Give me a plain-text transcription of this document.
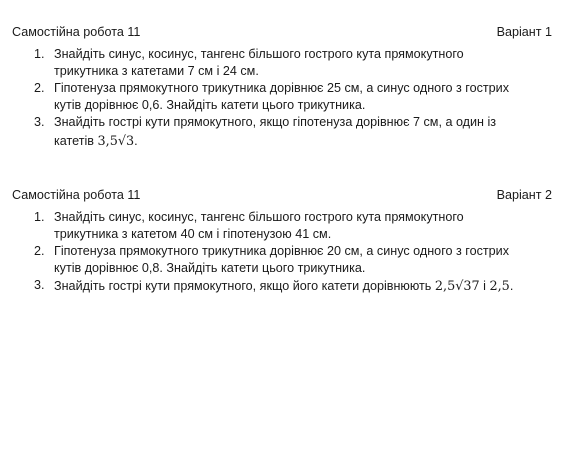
Самостійна робота 11	Варіант 1
1. Знайдіть синус, косинус, тангенс більшого гострого кута прямокутного
трикутника з катетами 7 см і 24 см.
2. Гіпотенуза прямокутного трикутника дорівнює 25 см, а синус одного з гострих
кутів дорівнює 0,6. Знайдіть катети цього трикутника.
3. Знайдіть гострі кути прямокутного, якщо гіпотенуза дорівнює 7 см, а один із
катетів 3,5√3.
Самостійна робота 11	Варіант 2
1. Знайдіть синус, косинус, тангенс більшого гострого кута прямокутного
трикутника з катетом 40 см і гіпотенузою 41 см.
2. Гіпотенуза прямокутного трикутника дорівнює 20 см, а синус одного з гострих
кутів дорівнює 0,8. Знайдіть катети цього трикутника.
3. Знайдіть гострі кути прямокутного, якщо його катети дорівнюють 2,5√37 і 2,5.
